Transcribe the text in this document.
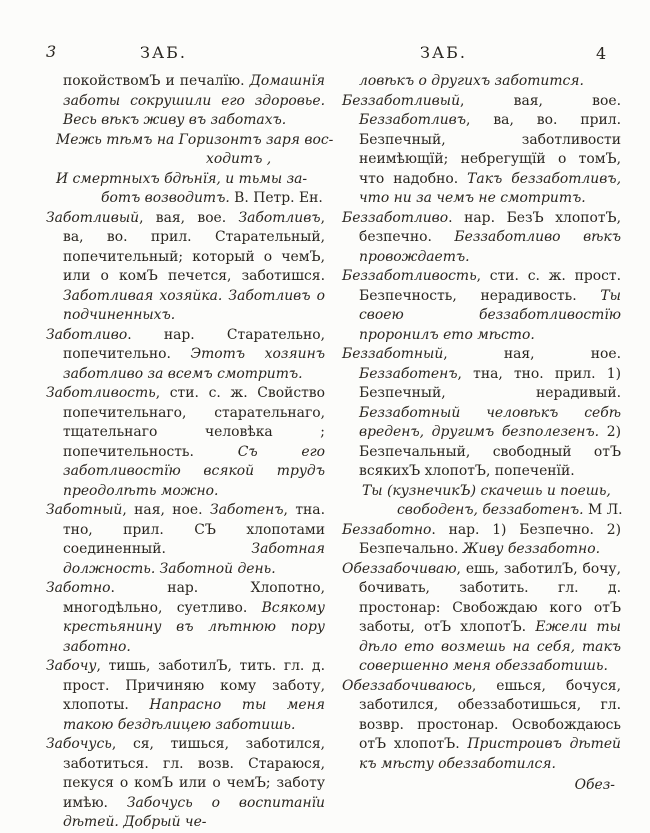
3	ЗАБ.	ЗАБ.	4

покойствомЪ и печалїю. Домашнїя заботы сокрушили его здоровье. Весь вѣкъ живу въ заботахъ.

Межь тѣмъ на Горизонтъ заря вос-
ходитъ ,
И смертныхъ бдѣнїя, и тьмы за-
ботъ возводитъ. В. Петр. Ен.

Заботливый, вая, вое. Заботливъ, ва, во. прил. Старательный, попечительный; который о чемЪ, или о комЪ печется, заботишся. Заботливая хозяйка. Заботливъ о подчиненныхъ.

Заботливо. нар. Старательно, попечительно. Этотъ хозяинъ заботливо за всемъ смотритъ.

Заботливость, сти. с. ж. Свойство попечительнаго, старательнаго, тщательнаго человѣка ; попечительность. Съ его заботливостїю всякой трудъ преодолѣть можно.

Заботный, ная, ное. Заботенъ, тна. тно, прил. СЪ хлопотами соединенный. Заботная должность. Заботной день.

Заботно. нар. Хлопотно, многодѣльно, суетливо. Всякому крестьянину въ лѣтнюю пору заботно.

Забочу, тишь, заботилЪ, тить. гл. д. прост. Причиняю кому заботу, хлопоты. Напрасно ты меня такою бездѣлицею заботишь.

Забочусь, ся, тишься, заботился, заботиться. гл. возв. Стараюся, пекуся о комЪ или о чемЪ; заботу имѣю. Забочусь о воспитанїи дѣтей. Добрый че-

ловѣкъ о другихъ заботится.

Беззаботливый, вая, вое. Беззаботливъ, ва, во. прил. Безпечный, заботливости неимѣющїй; небрегущїй о томЪ, что надобно. Такъ беззаботливъ, что ни за чемъ не смотритъ.

Беззаботливо. нар. БезЪ хлопотЪ, безпечно. Беззаботливо вѣкъ провождаетъ.

Беззаботливость, сти. с. ж. прост. Безпечность, нерадивость. Ты своею беззаботливостїю проронилъ ето мѣсто.

Беззаботный, ная, ное. Беззаботенъ, тна, тно. прил. 1) Безпечный, нерадивый. Беззаботный человѣкъ себѣ вреденъ, другимъ безполезенъ. 2) Безпечальный, свободный отЪ всякихЪ хлопотЪ, попеченїй.

Ты (кузнечикЪ) скачешь и поешь,
свободенъ, беззаботенъ. М Л.

Беззаботно. нар. 1) Безпечно. 2) Безпечально. Живу беззаботно.

Обеззабочиваю, ешь, заботилЪ, бочу, бочивать, заботить. гл. д. простонар: Свобождаю кого отЪ заботы, отЪ хлопотЪ. Ежели ты дѣло ето возмешь на себя, такъ совершенно меня обеззаботишь.

Обеззабочиваюсь, ешься, бочуся, заботился, обеззаботишься, гл. возвр. простонар. Освобождаюсь отЪ хлопотЪ. Пристроивъ дѣтей къ мѣсту обеззаботился.

Обез-
